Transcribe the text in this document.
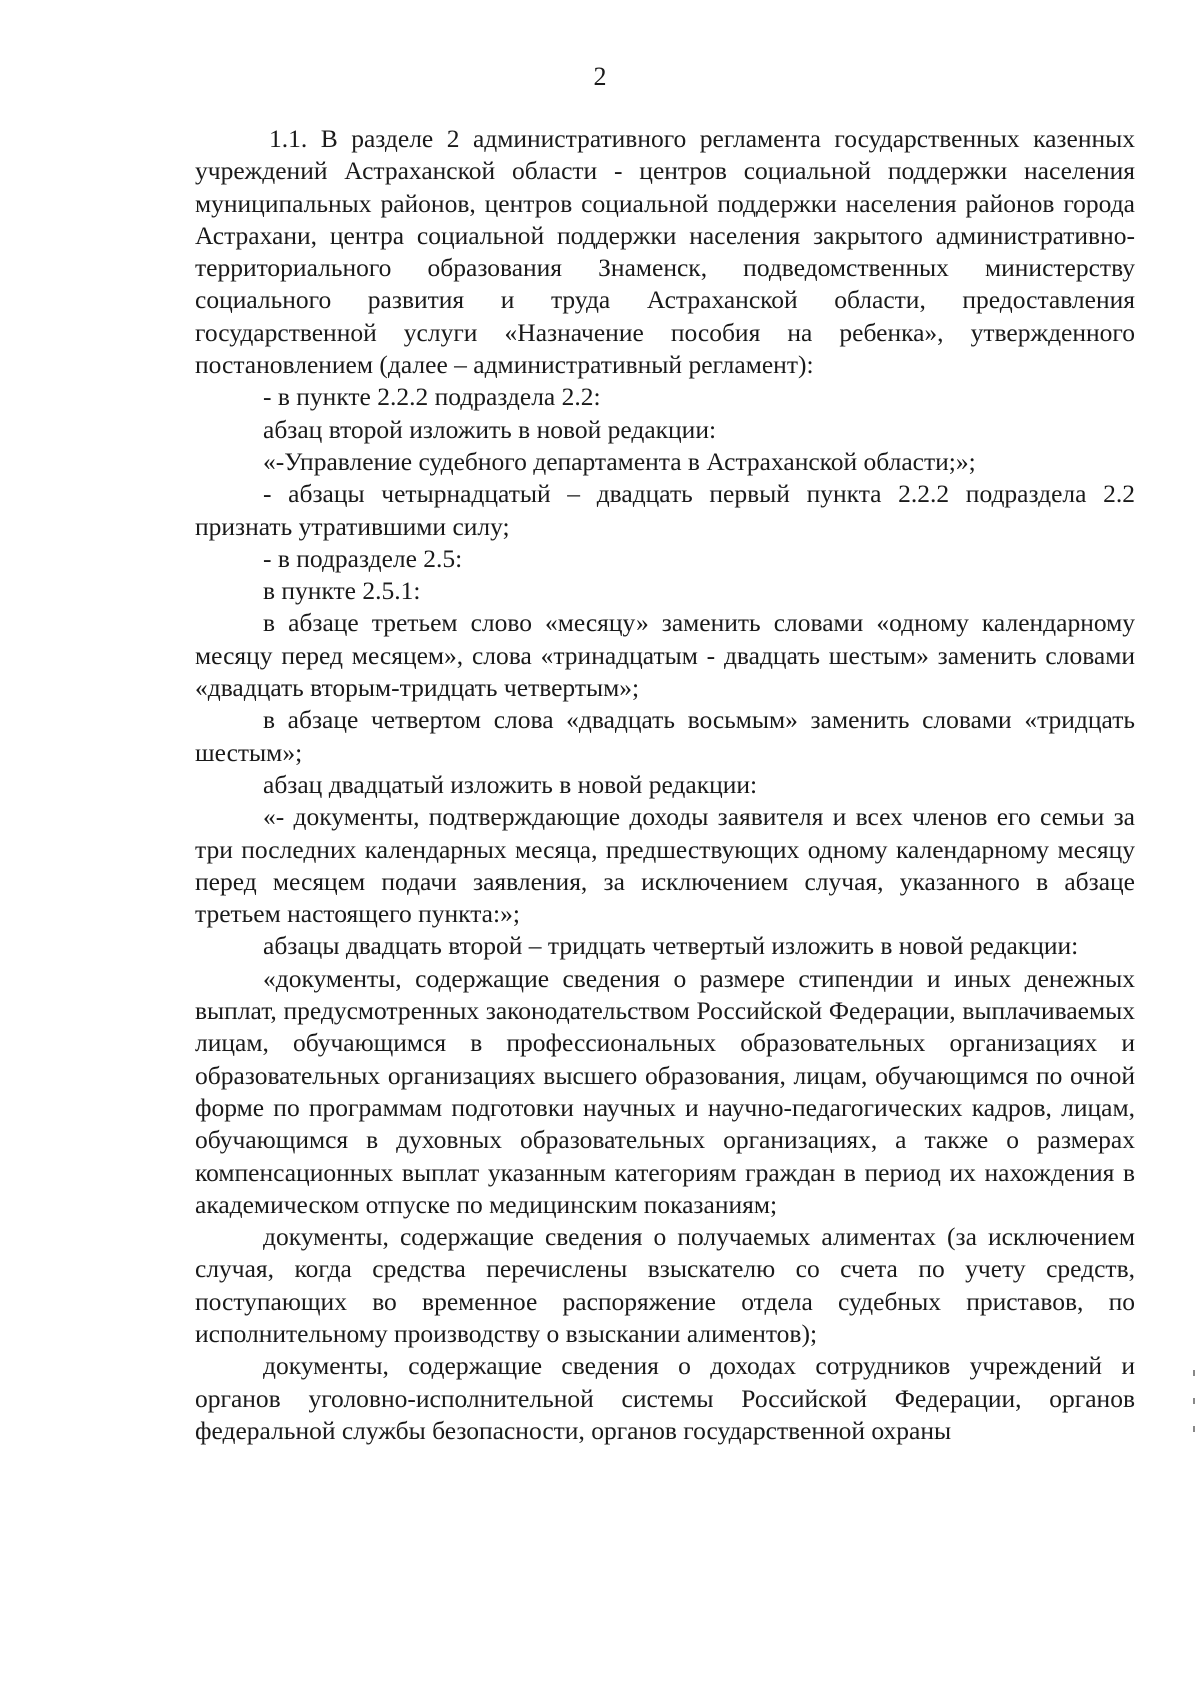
2

1.1. В разделе 2 административного регламента государственных казенных учреждений Астраханской области - центров социальной поддержки населения муниципальных районов, центров социальной поддержки населения районов города Астрахани, центра социальной поддержки населения закрытого административно-территориального образования Знаменск, подведомственных министерству социального развития и труда Астраханской области, предоставления государственной услуги «Назначение пособия на ребенка», утвержденного постановлением (далее – административный регламент):

- в пункте 2.2.2 подраздела 2.2:

абзац второй изложить в новой редакции:

«-Управление судебного департамента в Астраханской области;»;

- абзацы четырнадцатый – двадцать первый пункта 2.2.2 подраздела 2.2 признать утратившими силу;

- в подразделе 2.5:

в пункте 2.5.1:

в абзаце третьем слово «месяцу» заменить словами «одному календарному месяцу перед месяцем», слова «тринадцатым - двадцать шестым» заменить словами «двадцать вторым-тридцать четвертым»;

в абзаце четвертом слова «двадцать восьмым» заменить словами «тридцать шестым»;

абзац двадцатый изложить в новой редакции:

«- документы, подтверждающие доходы заявителя и всех членов его семьи за три последних календарных месяца, предшествующих одному календарному месяцу перед месяцем подачи заявления, за исключением случая, указанного в абзаце третьем настоящего пункта:»;

абзацы двадцать второй – тридцать четвертый изложить в новой редакции:

«документы, содержащие сведения о размере стипендии и иных денежных выплат, предусмотренных законодательством Российской Федерации, выплачиваемых лицам, обучающимся в профессиональных образовательных организациях и образовательных организациях высшего образования, лицам, обучающимся по очной форме по программам подготовки научных и научно-педагогических кадров, лицам, обучающимся в духовных образовательных организациях, а также о размерах компенсационных выплат указанным категориям граждан в период их нахождения в академическом отпуске по медицинским показаниям;

документы, содержащие сведения о получаемых алиментах (за исключением случая, когда средства перечислены взыскателю со счета по учету средств, поступающих во временное распоряжение отдела судебных приставов, по исполнительному производству о взыскании алиментов);

документы, содержащие сведения о доходах сотрудников учреждений и органов уголовно-исполнительной системы Российской Федерации, органов федеральной службы безопасности, органов государственной охраны
